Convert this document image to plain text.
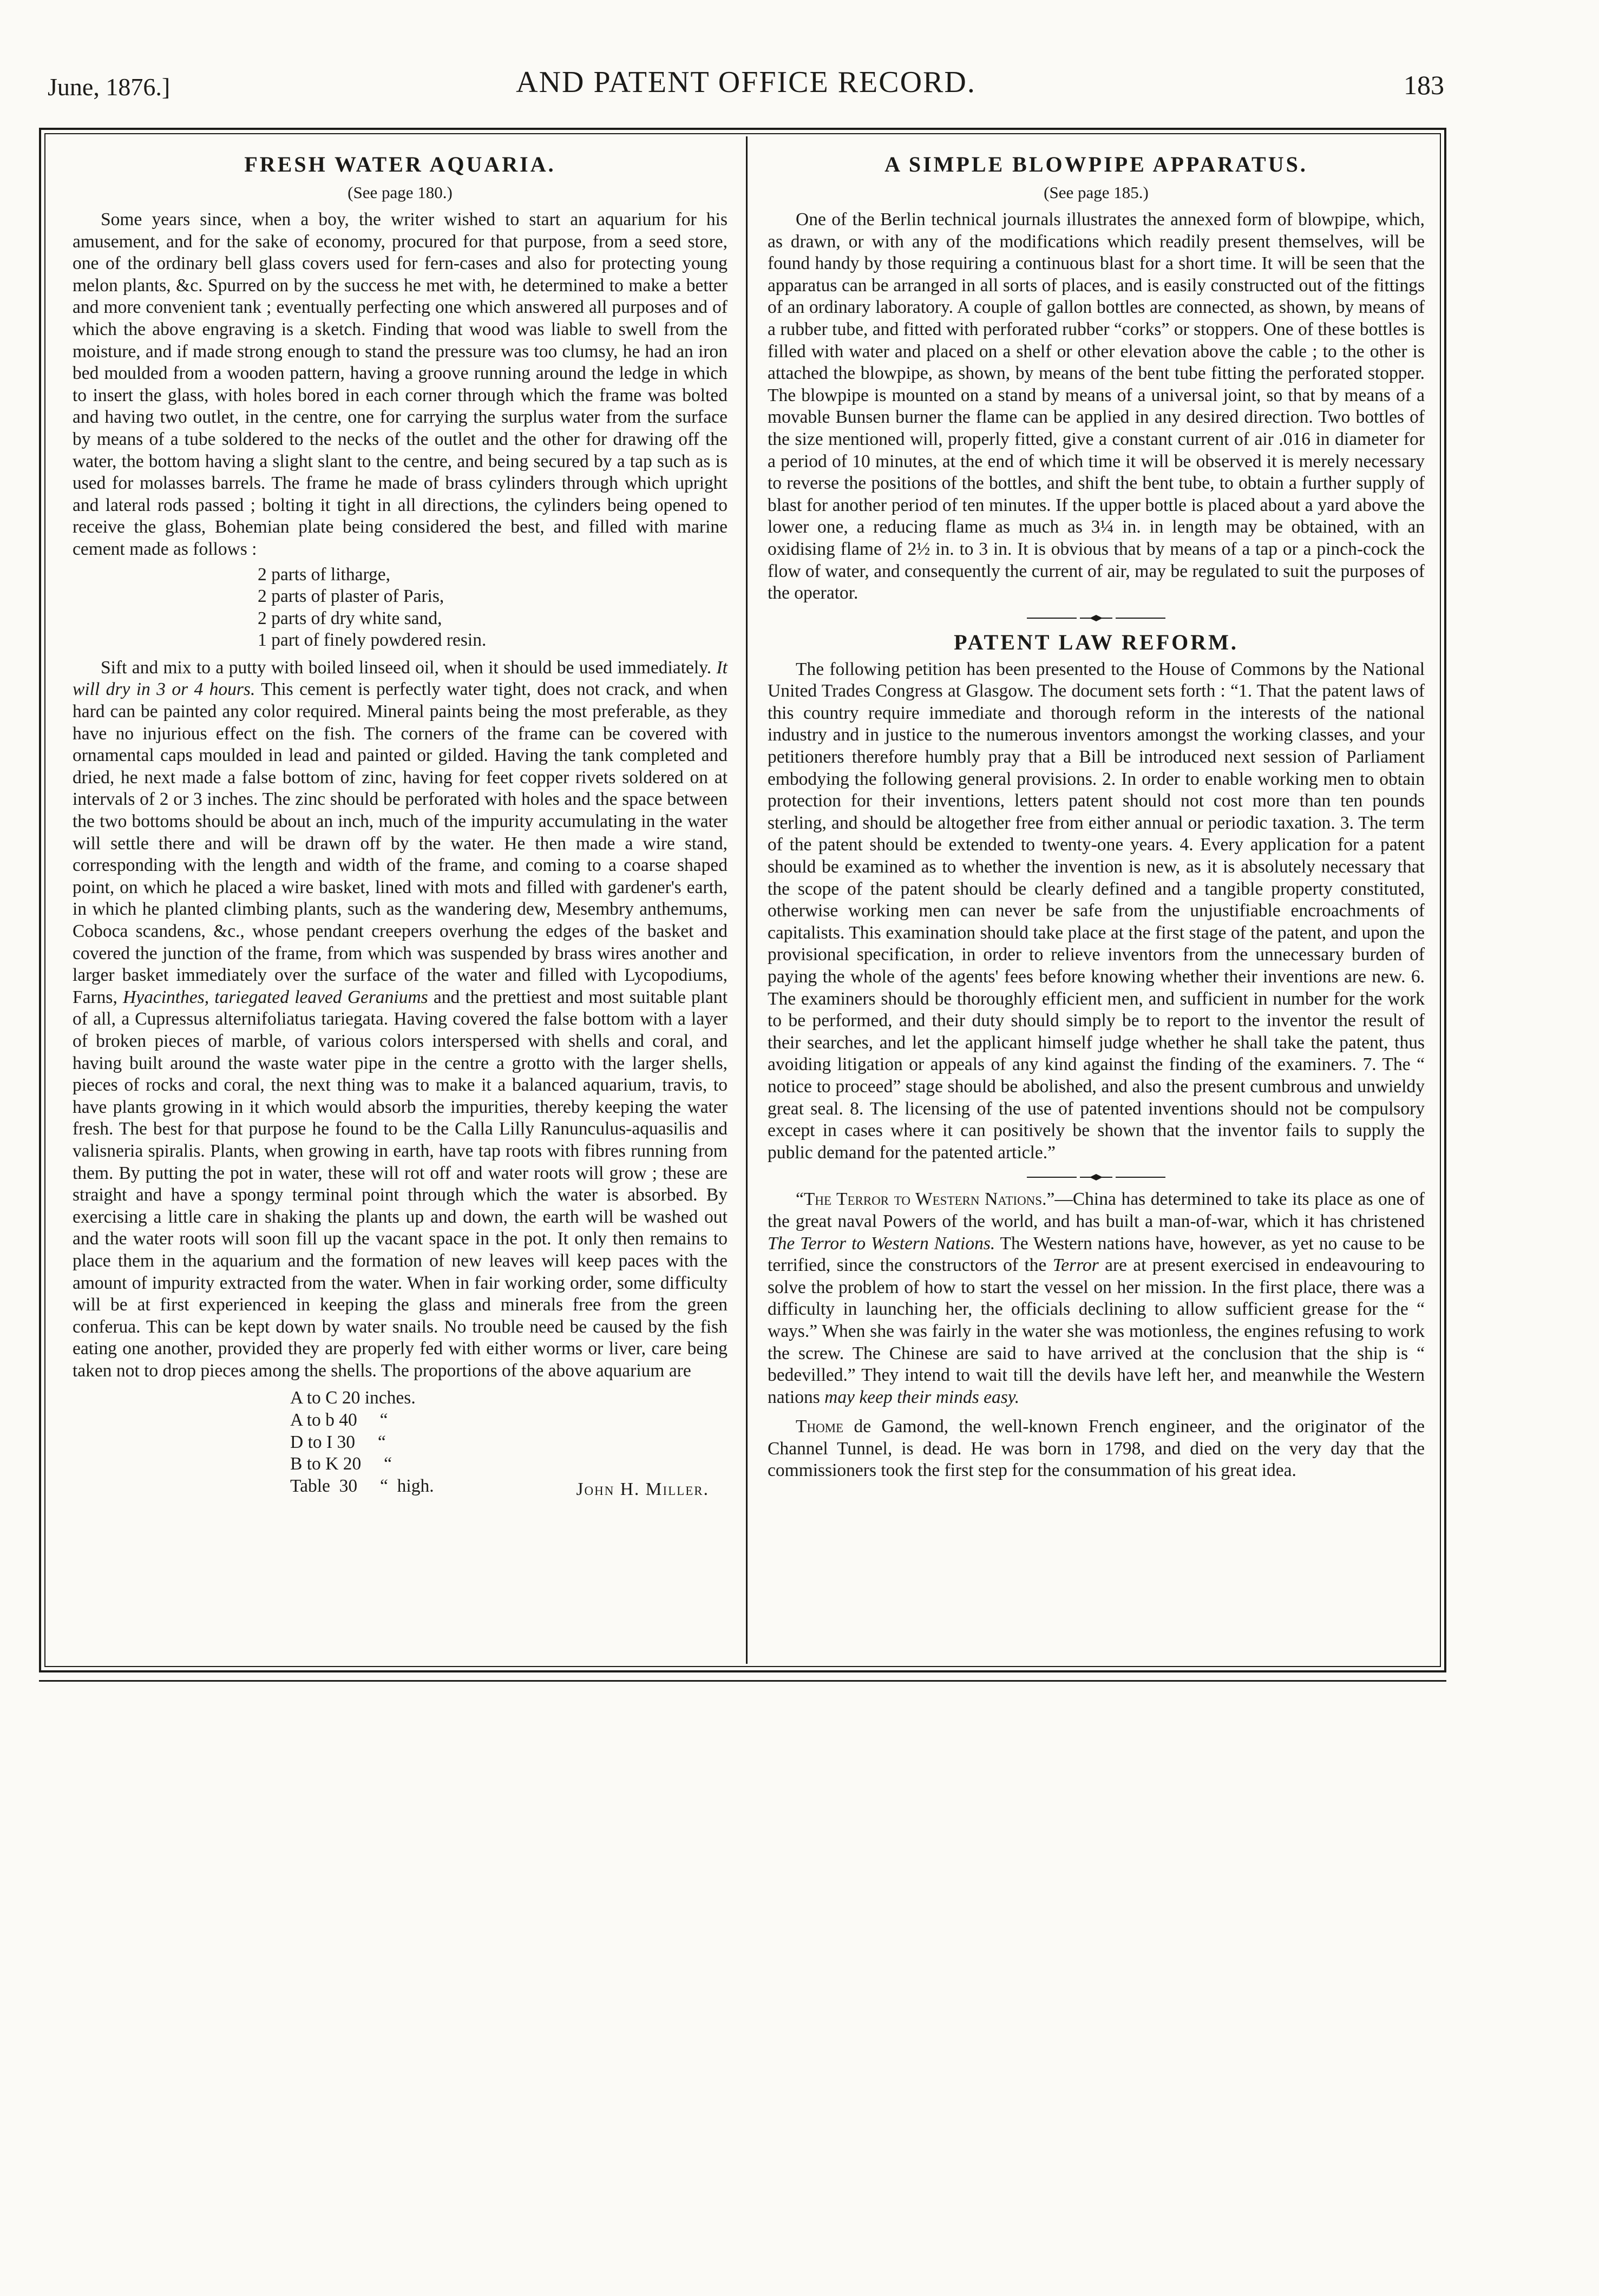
June, 1876.]	AND PATENT OFFICE RECORD.	183
FRESH WATER AQUARIA.
(See page 180.)

Some years since, when a boy, the writer wished to start an aquarium for his amusement, and for the sake of economy, procured for that purpose, from a seed store, one of the ordinary bell glass covers used for fern-cases and also for protecting young melon plants, &c. Spurred on by the success he met with, he determined to make a better and more convenient tank ; eventually perfecting one which answered all purposes and of which the above engraving is a sketch. Finding that wood was liable to swell from the moisture, and if made strong enough to stand the pressure was too clumsy, he had an iron bed moulded from a wooden pattern, having a groove running around the ledge in which to insert the glass, with holes bored in each corner through which the frame was bolted and having two outlet, in the centre, one for carrying the surplus water from the surface by means of a tube soldered to the necks of the outlet and the other for drawing off the water, the bottom having a slight slant to the centre, and being secured by a tap such as is used for molasses barrels. The frame he made of brass cylinders through which upright and lateral rods passed ; bolting it tight in all directions, the cylinders being opened to receive the glass, Bohemian plate being considered the best, and filled with marine cement made as follows :

2 parts of litharge,
2 parts of plaster of Paris,
2 parts of dry white sand,
1 part of finely powdered resin.

Sift and mix to a putty with boiled linseed oil, when it should be used immediately. It will dry in 3 or 4 hours. This cement is perfectly water tight, does not crack, and when hard can be painted any color required. Mineral paints being the most preferable, as they have no injurious effect on the fish. The corners of the frame can be covered with ornamental caps moulded in lead and painted or gilded. Having the tank completed and dried, he next made a false bottom of zinc, having for feet copper rivets soldered on at intervals of 2 or 3 inches. The zinc should be perforated with holes and the space between the two bottoms should be about an inch, much of the impurity accumulating in the water will settle there and will be drawn off by the water. He then made a wire stand, corresponding with the length and width of the frame, and coming to a coarse shaped point, on which he placed a wire basket, lined with mots and filled with gardener's earth, in which he planted climbing plants, such as the wandering dew, Mesembry anthemums, Coboca scandens, &c., whose pendant creepers overhung the edges of the basket and covered the junction of the frame, from which was suspended by brass wires another and larger basket immediately over the surface of the water and filled with Lycopodiums, Farns, Hyacinthes, tariegated leaved Geraniums and the prettiest and most suitable plant of all, a Cupressus alternifoliatus tariegata. Having covered the false bottom with a layer of broken pieces of marble, of various colors interspersed with shells and coral, and having built around the waste water pipe in the centre a grotto with the larger shells, pieces of rocks and coral, the next thing was to make it a balanced aquarium, travis, to have plants growing in it which would absorb the impurities, thereby keeping the water fresh. The best for that purpose he found to be the Calla Lilly Ranunculus-aquasilis and valisneria spiralis. Plants, when growing in earth, have tap roots with fibres running from them. By putting the pot in water, these will rot off and water roots will grow ; these are straight and have a spongy terminal point through which the water is absorbed. By exercising a little care in shaking the plants up and down, the earth will be washed out and the water roots will soon fill up the vacant space in the pot. It only then remains to place them in the aquarium and the formation of new leaves will keep paces with the amount of impurity extracted from the water. When in fair working order, some difficulty will be at first experienced in keeping the glass and minerals free from the green conferua. This can be kept down by water snails. No trouble need be caused by the fish eating one another, provided they are properly fed with either worms or liver, care being taken not to drop pieces among the shells. The proportions of the above aquarium are

A to C 20 inches.
A to b 40     “
D to I 30     “
B to K 20     “
Table  30     “  high.	John H. Miller.
A SIMPLE BLOWPIPE APPARATUS.
(See page 185.)

One of the Berlin technical journals illustrates the annexed form of blowpipe, which, as drawn, or with any of the modifications which readily present themselves, will be found handy by those requiring a continuous blast for a short time. It will be seen that the apparatus can be arranged in all sorts of places, and is easily constructed out of the fittings of an ordinary laboratory. A couple of gallon bottles are connected, as shown, by means of a rubber tube, and fitted with perforated rubber “corks” or stoppers. One of these bottles is filled with water and placed on a shelf or other elevation above the cable ; to the other is attached the blowpipe, as shown, by means of the bent tube fitting the perforated stopper. The blowpipe is mounted on a stand by means of a universal joint, so that by means of a movable Bunsen burner the flame can be applied in any desired direction. Two bottles of the size mentioned will, properly fitted, give a constant current of air .016 in diameter for a period of 10 minutes, at the end of which time it will be observed it is merely necessary to reverse the positions of the bottles, and shift the bent tube, to obtain a further supply of blast for another period of ten minutes. If the upper bottle is placed about a yard above the lower one, a reducing flame as much as 3¼ in. in length may be obtained, with an oxidising flame of 2½ in. to 3 in. It is obvious that by means of a tap or a pinch-cock the flow of water, and consequently the current of air, may be regulated to suit the purposes of the operator.

PATENT LAW REFORM.

The following petition has been presented to the House of Commons by the National United Trades Congress at Glasgow. The document sets forth : “1. That the patent laws of this country require immediate and thorough reform in the interests of the national industry and in justice to the numerous inventors amongst the working classes, and your petitioners therefore humbly pray that a Bill be introduced next session of Parliament embodying the following general provisions. 2. In order to enable working men to obtain protection for their inventions, letters patent should not cost more than ten pounds sterling, and should be altogether free from either annual or periodic taxation. 3. The term of the patent should be extended to twenty-one years. 4. Every application for a patent should be examined as to whether the invention is new, as it is absolutely necessary that the scope of the patent should be clearly defined and a tangible property constituted, otherwise working men can never be safe from the unjustifiable encroachments of capitalists. This examination should take place at the first stage of the patent, and upon the provisional specification, in order to relieve inventors from the unnecessary burden of paying the whole of the agents' fees before knowing whether their inventions are new. 6. The examiners should be thoroughly efficient men, and sufficient in number for the work to be performed, and their duty should simply be to report to the inventor the result of their searches, and let the applicant himself judge whether he shall take the patent, thus avoiding litigation or appeals of any kind against the finding of the examiners. 7. The “ notice to proceed” stage should be abolished, and also the present cumbrous and unwieldy great seal. 8. The licensing of the use of patented inventions should not be compulsory except in cases where it can positively be shown that the inventor fails to supply the public demand for the patented article.”

“The Terror to Western Nations.”—China has determined to take its place as one of the great naval Powers of the world, and has built a man-of-war, which it has christened The Terror to Western Nations. The Western nations have, however, as yet no cause to be terrified, since the constructors of the Terror are at present exercised in endeavouring to solve the problem of how to start the vessel on her mission. In the first place, there was a difficulty in launching her, the officials declining to allow sufficient grease for the “ ways.” When she was fairly in the water she was motionless, the engines refusing to work the screw. The Chinese are said to have arrived at the conclusion that the ship is “ bedevilled.” They intend to wait till the devils have left her, and meanwhile the Western nations may keep their minds easy.

Thome de Gamond, the well-known French engineer, and the originator of the Channel Tunnel, is dead. He was born in 1798, and died on the very day that the commissioners took the first step for the consummation of his great idea.
